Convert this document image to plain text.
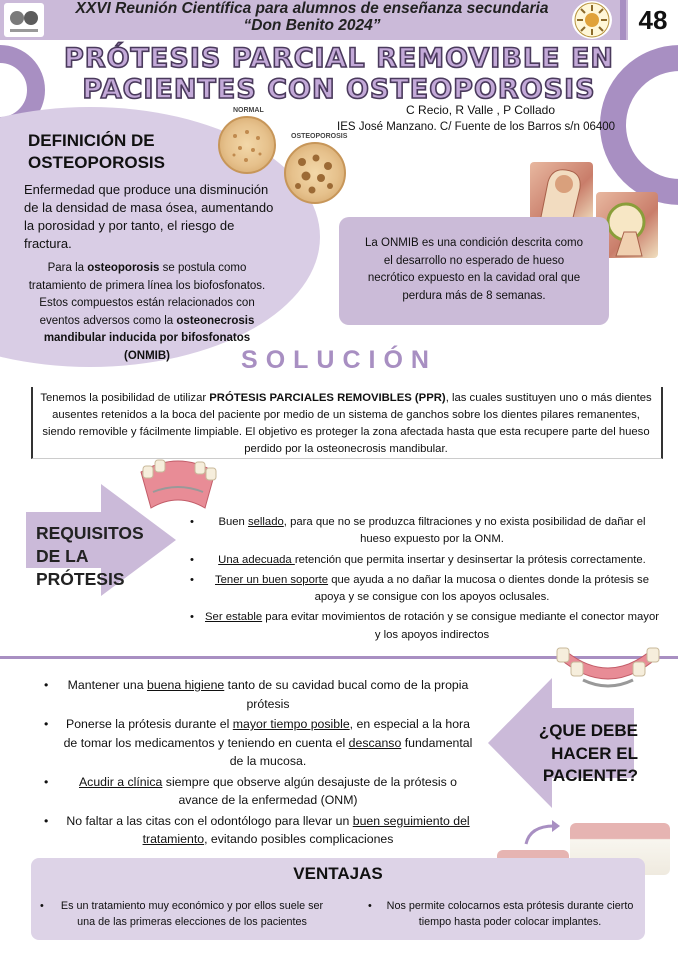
XXVI Reunión Científica para alumnos de enseñanza secundaria
“Don Benito 2024”	48
PRÓTESIS PARCIAL REMOVIBLE EN
PACIENTES CON OSTEOPOROSIS
C Recio, R Valle , P Collado
IES José Manzano. C/ Fuente de los Barros s/n 06400
NORMAL
OSTEOPOROSIS
DEFINICIÓN DE OSTEOPOROSIS
Enfermedad que produce una disminución de la densidad de masa ósea, aumentando la porosidad y por tanto, el riesgo de fractura.
Para la osteoporosis se postula como tratamiento de primera línea los biofosfonatos. Estos compuestos están relacionados con eventos adversos como la osteonecrosis mandibular inducida por bifosfonatos (ONMIB)
La ONMIB es una condición descrita como el desarrollo no esperado de hueso necrótico expuesto en la cavidad oral que perdura más de 8 semanas.
SOLUCIÓN
Tenemos la posibilidad de utilizar PRÓTESIS PARCIALES REMOVIBLES (PPR), las cuales sustituyen uno o más dientes ausentes retenidos a la boca del paciente por medio de un sistema de ganchos sobre los dientes pilares remanentes, siendo removible y fácilmente limpiable. El objetivo es proteger la zona afectada hasta que esta recupere parte del hueso perdido por la osteonecrosis mandibular.
REQUISITOS DE LA PRÓTESIS
• Buen sellado, para que no se produzca filtraciones y no exista posibilidad de dañar el hueso expuesto por la ONM.
• Una adecuada retención que permita insertar y desinsertar la prótesis correctamente.
• Tener un buen soporte que ayuda a no dañar la mucosa o dientes donde la prótesis se apoya y se consigue con los apoyos oclusales.
• Ser estable para evitar movimientos de rotación y se consigue mediante el conector mayor y los apoyos indirectos
• Mantener una buena higiene tanto de su cavidad bucal como de la propia prótesis
• Ponerse la prótesis durante el mayor tiempo posible, en especial a la hora de tomar los medicamentos y teniendo en cuenta el descanso fundamental de la mucosa.
• Acudir a clínica siempre que observe algún desajuste de la prótesis o avance de la enfermedad (ONM)
• No faltar a las citas con el odontólogo para llevar un buen seguimiento del tratamiento, evitando posibles complicaciones
¿QUE DEBE HACER EL PACIENTE?
VENTAJAS
• Es un tratamiento muy económico y por ellos suele ser una de las primeras elecciones de los pacientes
• Nos permite colocarnos esta prótesis durante cierto tiempo hasta poder colocar implantes.
